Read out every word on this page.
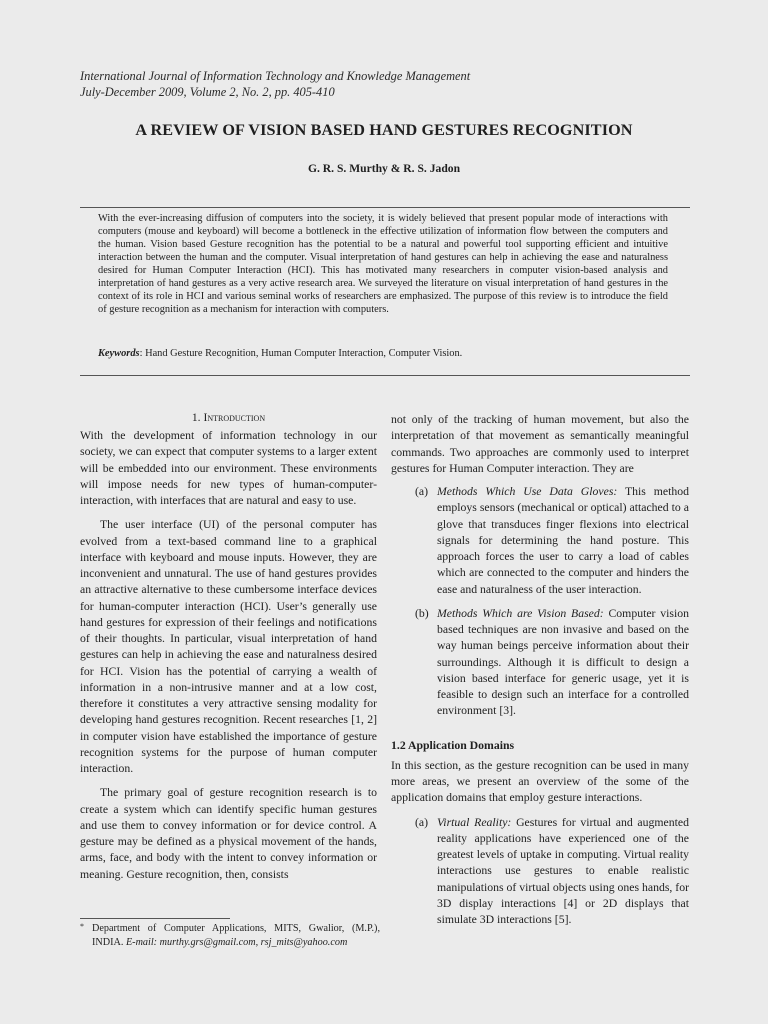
International Journal of Information Technology and Knowledge Management
July-December 2009, Volume 2, No. 2, pp. 405-410
A REVIEW OF VISION BASED HAND GESTURES RECOGNITION
G. R. S. Murthy & R. S. Jadon
With the ever-increasing diffusion of computers into the society, it is widely believed that present popular mode of interactions with computers (mouse and keyboard) will become a bottleneck in the effective utilization of information flow between the computers and the human. Vision based Gesture recognition has the potential to be a natural and powerful tool supporting efficient and intuitive interaction between the human and the computer. Visual interpretation of hand gestures can help in achieving the ease and naturalness desired for Human Computer Interaction (HCI). This has motivated many researchers in computer vision-based analysis and interpretation of hand gestures as a very active research area. We surveyed the literature on visual interpretation of hand gestures in the context of its role in HCI and various seminal works of researchers are emphasized. The purpose of this review is to introduce the field of gesture recognition as a mechanism for interaction with computers.
Keywords: Hand Gesture Recognition, Human Computer Interaction, Computer Vision.
1. Introduction

With the development of information technology in our society, we can expect that computer systems to a larger extent will be embedded into our environment. These environments will impose needs for new types of human-computer-interaction, with interfaces that are natural and easy to use.

The user interface (UI) of the personal computer has evolved from a text-based command line to a graphical interface with keyboard and mouse inputs. However, they are inconvenient and unnatural. The use of hand gestures provides an attractive alternative to these cumbersome interface devices for human-computer interaction (HCI). User’s generally use hand gestures for expression of their feelings and notifications of their thoughts. In particular, visual interpretation of hand gestures can help in achieving the ease and naturalness desired for HCI. Vision has the potential of carrying a wealth of information in a non-intrusive manner and at a low cost, therefore it constitutes a very attractive sensing modality for developing hand gestures recognition. Recent researches [1, 2] in computer vision have established the importance of gesture recognition systems for the purpose of human computer interaction.

The primary goal of gesture recognition research is to create a system which can identify specific human gestures and use them to convey information or for device control. A gesture may be defined as a physical movement of the hands, arms, face, and body with the intent to convey information or meaning. Gesture recognition, then, consists

not only of the tracking of human movement, but also the interpretation of that movement as semantically meaningful commands. Two approaches are commonly used to interpret gestures for Human Computer interaction. They are

(a) Methods Which Use Data Gloves: This method employs sensors (mechanical or optical) attached to a glove that transduces finger flexions into electrical signals for determining the hand posture. This approach forces the user to carry a load of cables which are connected to the computer and hinders the ease and naturalness of the user interaction.

(b) Methods Which are Vision Based: Computer vision based techniques are non invasive and based on the way human beings perceive information about their surroundings. Although it is difficult to design a vision based interface for generic usage, yet it is feasible to design such an interface for a controlled environment [3].

1.2 Application Domains

In this section, as the gesture recognition can be used in many more areas, we present an overview of the some of the application domains that employ gesture interactions.

(a) Virtual Reality: Gestures for virtual and augmented reality applications have experienced one of the greatest levels of uptake in computing. Virtual reality interactions use gestures to enable realistic manipulations of virtual objects using ones hands, for 3D display interactions [4] or 2D displays that simulate 3D interactions [5].

* Department of Computer Applications, MITS, Gwalior, (M.P.), INDIA. E-mail: murthy.grs@gmail.com, rsj_mits@yahoo.com
